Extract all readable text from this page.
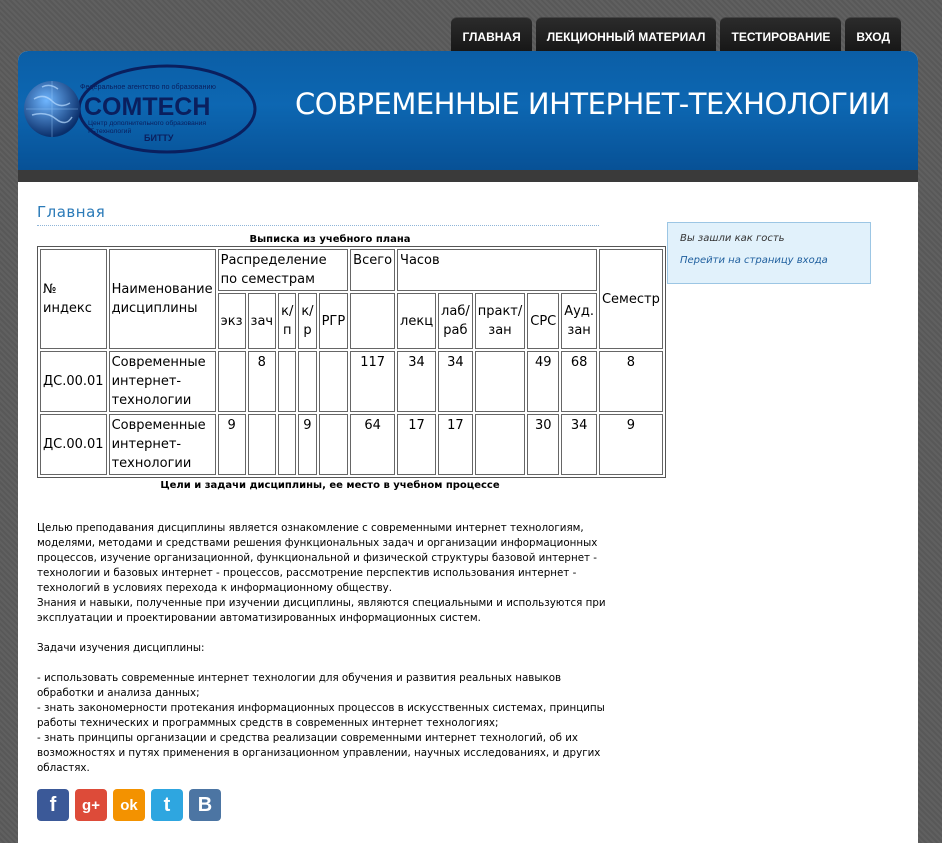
ГЛАВНАЯ	ЛЕКЦИОННЫЙ МАТЕРИАЛ	ТЕСТИРОВАНИЕ	ВХОД
Федеральное агентство по образованию
COMTECH
Центр дополнительного образования
IT-технологий
БИТТУ
СОВРЕМЕННЫЕ ИНТЕРНЕТ-ТЕХНОЛОГИИ
Главная
Выписка из учебного плана
№ индекс	Наименование дисциплины	Распределение по семестрам					Всего	Часов					Семестр
		экз	зач	к/п	к/р	РГР		лекц	лаб/ раб	практ/ зан	СРС	Ауд. зан	
ДС.00.01	Современные интернет-технологии		8				117	34	34		49	68	8
ДС.00.01	Современные интернет-технологии	9			9		64	17	17		30	34	9
Цели и задачи дисциплины, ее место в учебном процессе

Целью преподавания дисциплины является ознакомление с современными интернет технологиям, моделями, методами и средствами решения функциональных задач и организации информационных процессов, изучение организационной, функциональной и физической структуры базовой интернет - технологии и базовых интернет - процессов, рассмотрение перспектив использования интернет - технологий в условиях перехода к информационному обществу.

Знания и навыки, полученные при изучении дисциплины, являются специальными и используются при эксплуатации и проектировании автоматизированных информационных систем.

Задачи изучения дисциплины:

- использовать современные интернет технологии для обучения и развития реальных навыков обработки и анализа данных;

- знать закономерности протекания информационных процессов в искусственных системах, принципы работы технических и программных средств в современных интернет технологиях;

- знать принципы организации и средства реализации современными интернет технологий, об их возможностях и путях применения в организационном управлении, научных исследованиях, и других областях.

f	g+	ok	t	B
Вы зашли как гость
Перейти на страницу входа
